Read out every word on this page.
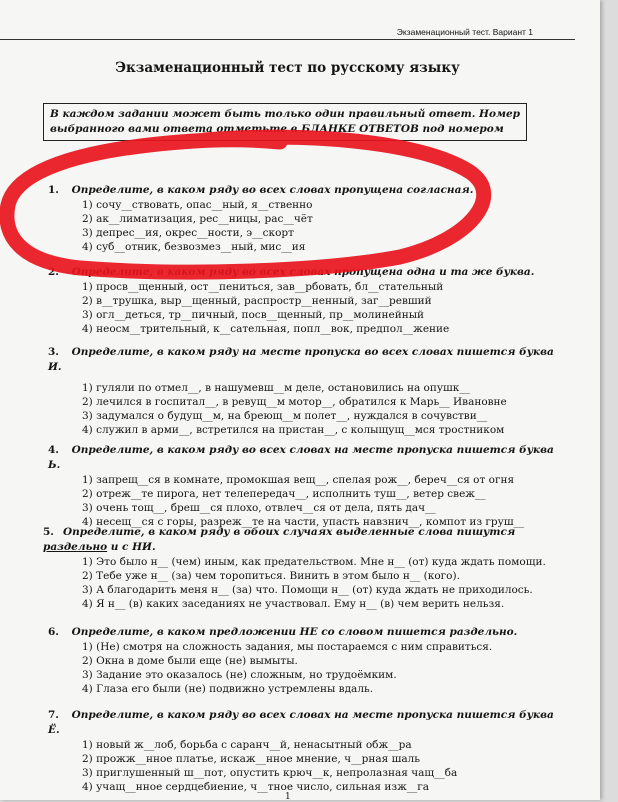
Экзаменационный тест. Вариант 1
Экзаменационный тест по русскому языку
В каждом задании может быть только один правильный ответ. Номер выбранного вами ответа отметьте в БЛАНКЕ ОТВЕТОВ под номером
1. Определите, в каком ряду во всех словах пропущена согласная.
1) сочу__ствовать, опас__ный, я__ственно
2) ак__лиматизация, рес__ницы, рас__чёт
3) депрес__ия, окрес__ности, э__скорт
4) суб__отник, безвозмез__ный, мис__ия
2. Определите, в каком ряду во всех словах пропущена одна и та же буква.
1) просв__щенный, ост__пениться, зав__рбовать, бл__стательный
2) в__трушка, выр__щенный, распростр__ненный, заг__ревший
3) огл__деться, тр__пичный, посв__щенный, пр__молинейный
4) неосм__трительный, к__сательная, попл__вок, предпол__жение
3. Определите, в каком ряду на месте пропуска во всех словах пишется буква И.
1) гуляли по отмел__, в нашумевш__м деле, остановились на опушк__
2) лечился в госпитал__, в ревущ__м мотор__, обратился к Марь__ Ивановне
3) задумался о будущ__м, на бреющ__м полет__, нуждался в сочувстви__
4) служил в арми__, встретился на пристан__, с колыщущ__мся тростником
4. Определите, в каком ряду во всех словах на месте пропуска пишется буква Ь.
1) запрещ__ся в комнате, промокшая вещ__, спелая рож__, береч__ся от огня
2) отреж__те пирога, нет телепередач__, исполнить туш__, ветер свеж__
3) очень тощ__, бреш__ся плохо, отвлеч__ся от дела, пять дач__
4) несещ__ся с горы, разреж__те на части, упасть навзнич__, компот из груш__
5. Определите, в каком ряду в обоих случаях выделенные слова пишутся раздельно и с НИ.
1) Это было н__ (чем) иным, как предательством. Мне н__ (от) куда ждать помощи.
2) Тебе уже н__ (за) чем торопиться. Винить в этом было н__ (кого).
3) А благодарить меня н__ (за) что. Помощи н__ (от) куда ждать не приходилось.
4) Я н__ (в) каких заседаниях не участвовал. Ему н__ (в) чем верить нельзя.
6. Определите, в каком предложении НЕ со словом пишется раздельно.
1) (Не) смотря на сложность задания, мы постараемся с ним справиться.
2) Окна в доме были еще (не) вымыты.
3) Задание это оказалось (не) сложным, но трудоёмким.
4) Глаза его были (не) подвижно устремлены вдаль.
7. Определите, в каком ряду во всех словах на месте пропуска пишется буква Ё.
1) новый ж__лоб, борьба с саранч__й, ненасытный обж__ра
2) прожж__нное платье, искаж__нное мнение, ч__рная шаль
3) приглушенный ш__пот, опустить крюч__к, непролазная чащ__ба
4) учащ__нное сердцебиение, ч__тное число, сильная изж__га
1
